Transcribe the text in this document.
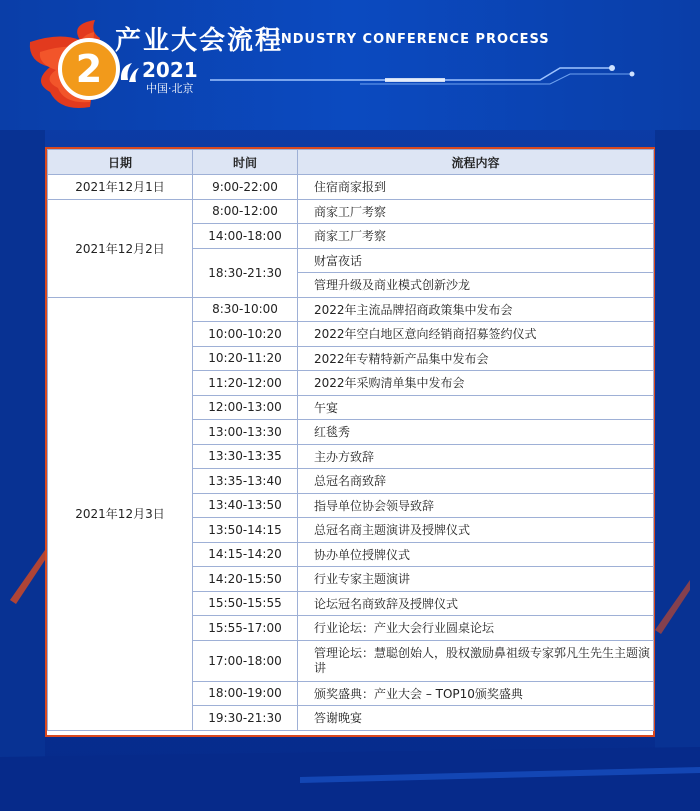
2
产业大会流程
INDUSTRY CONFERENCE PROCESS
2021
中国·北京
日期	时间	流程内容
2021年12月1日	9:00-22:00	住宿商家报到
2021年12月2日	8:00-12:00	商家工厂考察
	14:00-18:00	商家工厂考察
	18:30-21:30	财富夜话
		管理升级及商业模式创新沙龙
2021年12月3日	8:30-10:00	2022年主流品牌招商政策集中发布会
	10:00-10:20	2022年空白地区意向经销商招募签约仪式
	10:20-11:20	2022年专精特新产品集中发布会
	11:20-12:00	2022年采购清单集中发布会
	12:00-13:00	午宴
	13:00-13:30	红毯秀
	13:30-13:35	主办方致辞
	13:35-13:40	总冠名商致辞
	13:40-13:50	指导单位协会领导致辞
	13:50-14:15	总冠名商主题演讲及授牌仪式
	14:15-14:20	协办单位授牌仪式
	14:20-15:50	行业专家主题演讲
	15:50-15:55	论坛冠名商致辞及授牌仪式
	15:55-17:00	行业论坛：产业大会行业圆桌论坛
	17:00-18:00	管理论坛：慧聪创始人，股权激励鼻祖级专家郭凡生先生主题演讲
	18:00-19:00	颁奖盛典：产业大会 – TOP10颁奖盛典
	19:30-21:30	答谢晚宴
